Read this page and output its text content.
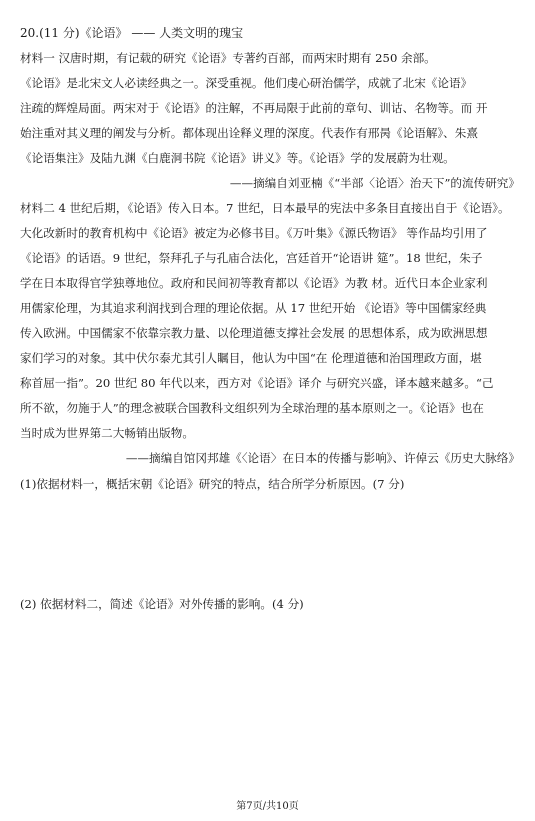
20.(11 分)《论语》 —— 人类文明的瑰宝
材料一 汉唐时期，有记载的研究《论语》专著约百部，而两宋时期有 250 余部。
《论语》是北宋文人必读经典之一。深受重视。他们虔心研治儒学，成就了北宋《论语》
注疏的辉煌局面。两宋对于《论语》的注解，不再局限于此前的章句、训诂、名物等。而 开
始注重对其义理的阐发与分析。都体现出诠释义理的深度。代表作有邢昺《论语解》、朱熹
《论语集注》及陆九渊《白鹿洞书院《论语》讲义》等。《论语》学的发展蔚为壮观。
——摘编自刘亚楠《“半部〈论语〉治天下”的流传研究》
材料二 4 世纪后期，《论语》传入日本。7 世纪，日本最早的宪法中多条目直接出自于《论语》。
大化改新时的教育机构中《论语》被定为必修书目。《万叶集》《源氏物语》 等作品均引用了
《论语》的话语。9 世纪，祭拜孔子与孔庙合法化，宫廷首开“论语讲 筵”。18 世纪，朱子
学在日本取得官学独尊地位。政府和民间初等教育都以《论语》为教 材。近代日本企业家利
用儒家伦理，为其追求利润找到合理的理论依据。从 17 世纪开始 《论语》等中国儒家经典
传入欧洲。中国儒家不依靠宗教力量、以伦理道德支撑社会发展 的思想体系，成为欧洲思想
家们学习的对象。其中伏尔泰尤其引人瞩目，他认为中国“在 伦理道德和治国理政方面，堪
称首屈一指”。20 世纪 80 年代以来，西方对《论语》译介 与研究兴盛，译本越来越多。“己
所不欲，勿施于人”的理念被联合国教科文组织列为全球治理的基本原则之一。《论语》也在
当时成为世界第二大畅销出版物。
——摘编自馆冈邦雄《〈论语〉在日本的传播与影响》、许倬云《历史大脉络》
(1)依据材料一，概括宋朝《论语》研究的特点，结合所学分析原因。(7 分)
(2) 依据材料二，简述《论语》对外传播的影响。(4 分)
第7页/共10页
